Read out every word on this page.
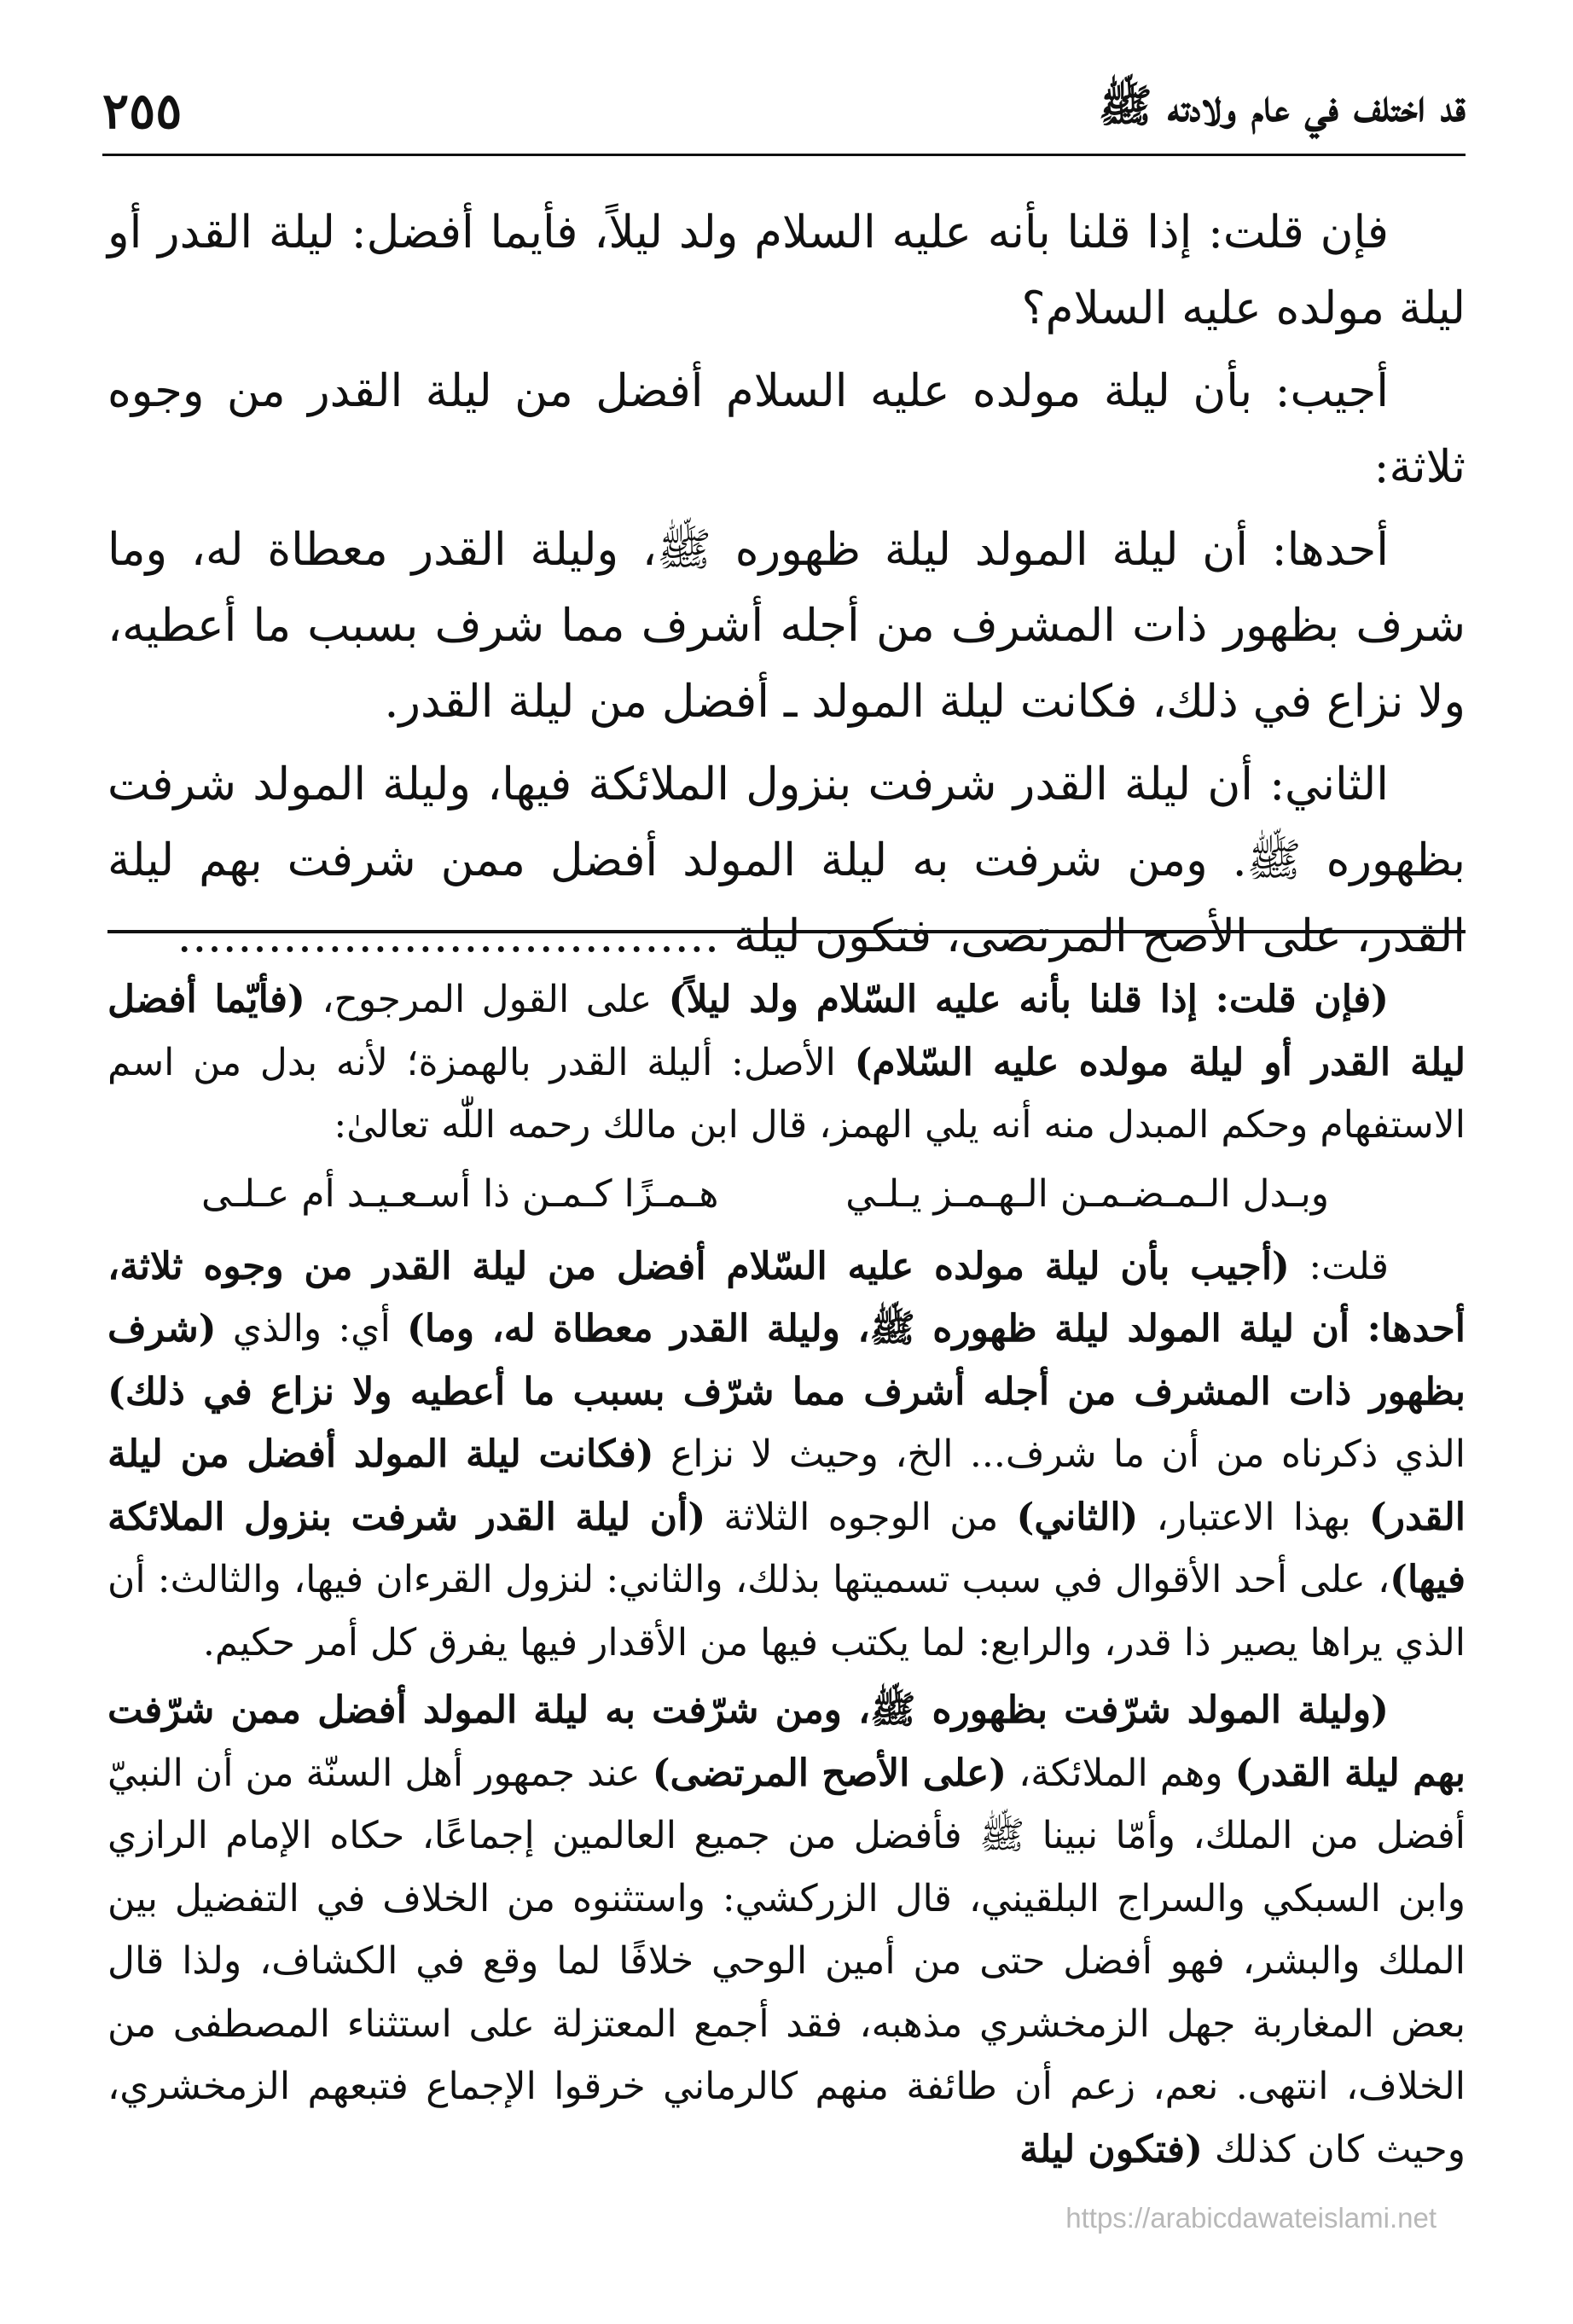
قد اختلف في عام ولادته ﷺ
٢٥٥

فإن قلت: إذا قلنا بأنه عليه السلام ولد ليلاً، فأيما أفضل: ليلة القدر أو ليلة مولده عليه السلام؟

أجيب: بأن ليلة مولده عليه السلام أفضل من ليلة القدر من وجوه ثلاثة:

أحدها: أن ليلة المولد ليلة ظهوره ﷺ، وليلة القدر معطاة له، وما شرف بظهور ذات المشرف من أجله أشرف مما شرف بسبب ما أعطيه، ولا نزاع في ذلك، فكانت ليلة المولد ـ أفضل من ليلة القدر.

الثاني: أن ليلة القدر شرفت بنزول الملائكة فيها، وليلة المولد شرفت بظهوره ﷺ. ومن شرفت به ليلة المولد أفضل ممن شرفت بهم ليلة القدر، على الأصح المرتضى، فتكون ليلة ………………………………

(فإن قلت: إذا قلنا بأنه عليه السّلام ولد ليلاً) على القول المرجوح، (فأيّما أفضل ليلة القدر أو ليلة مولده عليه السّلام) الأصل: أليلة القدر بالهمزة؛ لأنه بدل من اسم الاستفهام وحكم المبدل منه أنه يلي الهمز، قال ابن مالك رحمه اللّٰه تعالىٰ:

وبـدل الـمـضـمـن الـهـمـز يـلـي
هـمـزًا كـمـن ذا أسـعـيـد أم عـلـى

قلت: (أجيب بأن ليلة مولده عليه السّلام أفضل من ليلة القدر من وجوه ثلاثة، أحدها: أن ليلة المولد ليلة ظهوره ﷺ، وليلة القدر معطاة له، وما) أي: والذي (شرف بظهور ذات المشرف من أجله أشرف مما شرّف بسبب ما أعطيه ولا نزاع في ذلك) الذي ذكرناه من أن ما شرف... الخ، وحيث لا نزاع (فكانت ليلة المولد أفضل من ليلة القدر) بهذا الاعتبار، (الثاني) من الوجوه الثلاثة (أن ليلة القدر شرفت بنزول الملائكة فيها)، على أحد الأقوال في سبب تسميتها بذلك، والثاني: لنزول القرءان فيها، والثالث: أن الذي يراها يصير ذا قدر، والرابع: لما يكتب فيها من الأقدار فيها يفرق كل أمر حكيم.

(وليلة المولد شرّفت بظهوره ﷺ، ومن شرّفت به ليلة المولد أفضل ممن شرّفت بهم ليلة القدر) وهم الملائكة، (على الأصح المرتضى) عند جمهور أهل السنّة من أن النبيّ أفضل من الملك، وأمّا نبينا ﷺ فأفضل من جميع العالمين إجماعًا، حكاه الإمام الرازي وابن السبكي والسراج البلقيني، قال الزركشي: واستثنوه من الخلاف في التفضيل بين الملك والبشر، فهو أفضل حتى من أمين الوحي خلافًا لما وقع في الكشاف، ولذا قال بعض المغاربة جهل الزمخشري مذهبه، فقد أجمع المعتزلة على استثناء المصطفى من الخلاف، انتهى. نعم، زعم أن طائفة منهم كالرماني خرقوا الإجماع فتبعهم الزمخشري، وحيث كان كذلك (فتكون ليلة

https://arabicdawateislami.net
